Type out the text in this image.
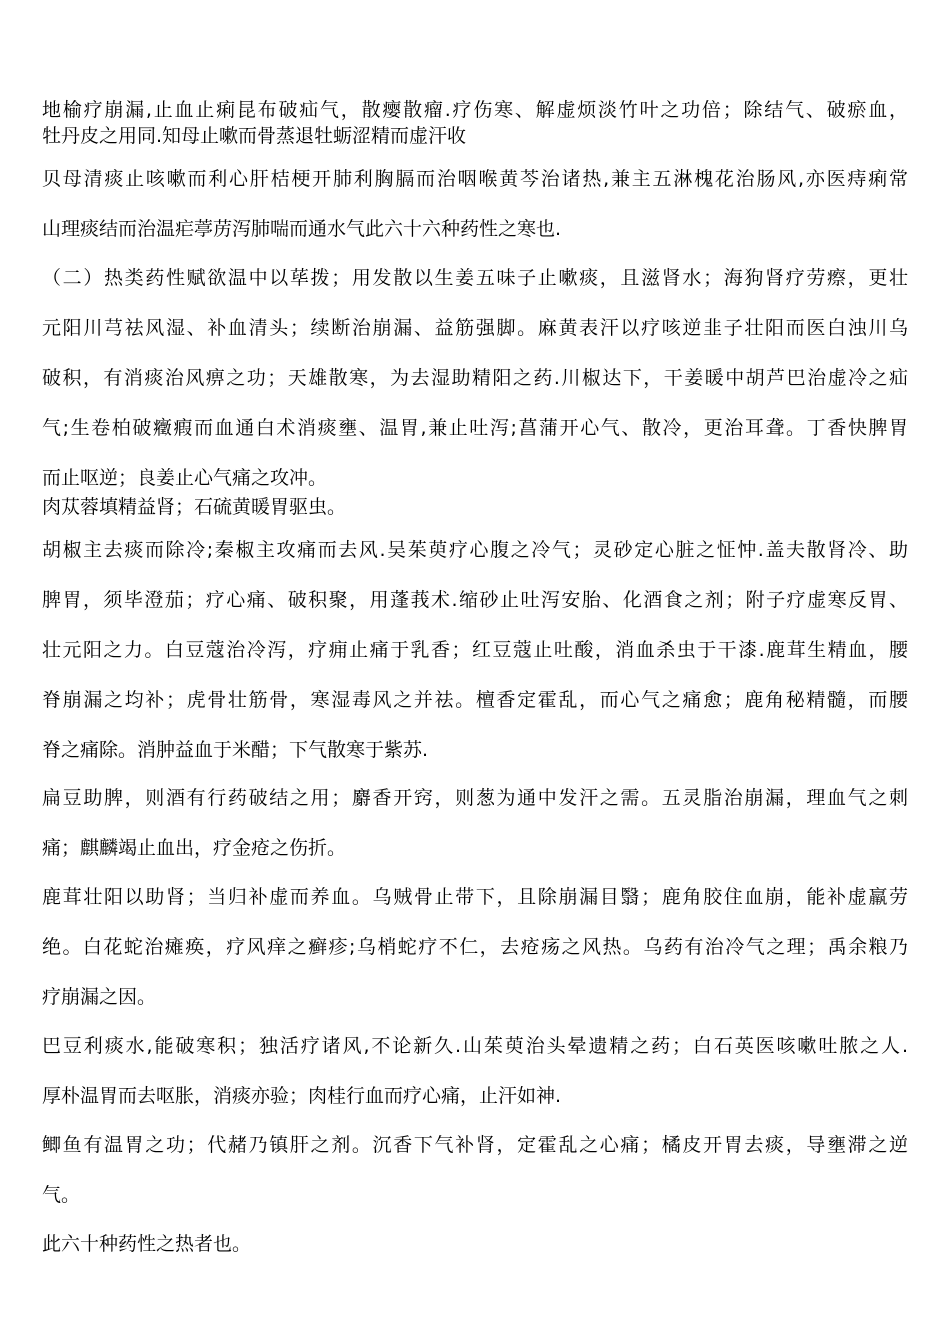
地榆疗崩漏,止血止痢昆布破疝气，散瘿散瘤.疗伤寒、解虚烦淡竹叶之功倍；除结气、破瘀血，
牡丹皮之用同.知母止嗽而骨蒸退牡蛎涩精而虚汗收
贝母清痰止咳嗽而利心肝桔梗开肺利胸膈而治咽喉黄芩治诸热,兼主五淋槐花治肠风,亦医痔痢常
山理痰结而治温疟葶苈泻肺喘而通水气此六十六种药性之寒也.
（二）热类药性赋欲温中以荜拨；用发散以生姜五味子止嗽痰，且滋肾水；海狗肾疗劳瘵，更壮
元阳川芎祛风湿、补血清头；续断治崩漏、益筋强脚。麻黄表汗以疗咳逆韭子壮阳而医白浊川乌
破积，有消痰治风痹之功；天雄散寒，为去湿助精阳之药.川椒达下，干姜暖中胡芦巴治虚冷之疝
气;生卷柏破癥瘕而血通白术消痰壅、温胃,兼止吐泻;菖蒲开心气、散冷，更治耳聋。丁香快脾胃
而止呕逆；良姜止心气痛之攻冲。
肉苁蓉填精益肾；石硫黄暖胃驱虫。
胡椒主去痰而除冷;秦椒主攻痛而去风.吴茱萸疗心腹之冷气；灵砂定心脏之怔忡.盖夫散肾冷、助
脾胃，须毕澄茄；疗心痛、破积聚，用蓬莪术.缩砂止吐泻安胎、化酒食之剂；附子疗虚寒反胃、
壮元阳之力。白豆蔻治冷泻，疗痈止痛于乳香；红豆蔻止吐酸，消血杀虫于干漆.鹿茸生精血，腰
脊崩漏之均补；虎骨壮筋骨，寒湿毒风之并祛。檀香定霍乱，而心气之痛愈；鹿角秘精髓，而腰
脊之痛除。消肿益血于米醋；下气散寒于紫苏.
扁豆助脾，则酒有行药破结之用；麝香开窍，则葱为通中发汗之需。五灵脂治崩漏，理血气之刺
痛；麒麟竭止血出，疗金疮之伤折。
鹿茸壮阳以助肾；当归补虚而养血。乌贼骨止带下，且除崩漏目翳；鹿角胶住血崩，能补虚羸劳
绝。白花蛇治瘫痪，疗风痒之癣疹;乌梢蛇疗不仁，去疮疡之风热。乌药有治冷气之理；禹余粮乃
疗崩漏之因。
巴豆利痰水,能破寒积；独活疗诸风,不论新久.山茱萸治头晕遗精之药；白石英医咳嗽吐脓之人.
厚朴温胃而去呕胀，消痰亦验；肉桂行血而疗心痛，止汗如神.
鲫鱼有温胃之功；代赭乃镇肝之剂。沉香下气补肾，定霍乱之心痛；橘皮开胃去痰，导壅滞之逆
气。
此六十种药性之热者也。
